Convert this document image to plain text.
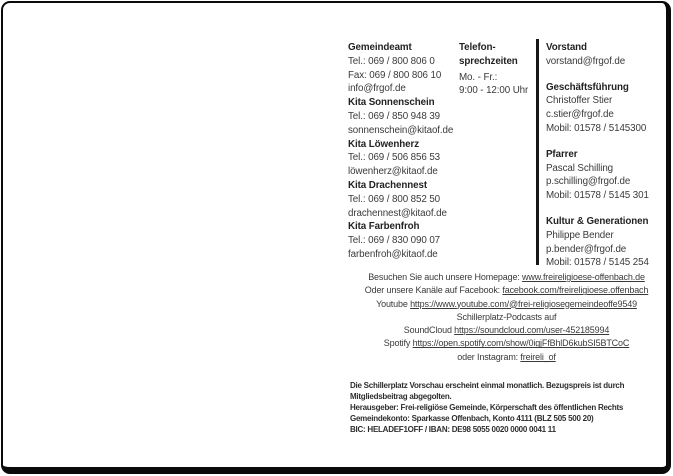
Gemeindeamt
Tel.: 069 / 800 806 0
Fax: 069 / 800 806 10
info@frgof.de
Kita Sonnenschein
Tel.: 069 / 850 948 39
sonnenschein@kitaof.de
Kita Löwenherz
Tel.: 069 / 506 856 53
löwenherz@kitaof.de
Kita Drachennest
Tel.: 069 / 800 852 50
drachennest@kitaof.de
Kita Farbenfroh
Tel.: 069 / 830 090 07
farbenfroh@kitaof.de
Telefon-
sprechzeiten
Mo. - Fr.:
9:00 - 12:00 Uhr
Vorstand
vorstand@frgof.de
Geschäftsführung
Christoffer Stier
c.stier@frgof.de
Mobil: 01578 / 5145300
Pfarrer
Pascal Schilling
p.schilling@frgof.de
Mobil: 01578 / 5145 301
Kultur & Generationen
Philippe Bender
p.bender@frgof.de
Mobil: 01578 / 5145 254
Besuchen Sie auch unsere Homepage: www.freireligioese-offenbach.de
Oder unsere Kanäle auf Facebook: facebook.com/freireligioese.offenbach
Youtube https://www.youtube.com/@frei-religiosegemeindeoffe9549
Schillerplatz-Podcasts auf
SoundCloud https://soundcloud.com/user-452185994
Spotify https://open.spotify.com/show/0igjFfBhlD6kubSI5BTCoC
oder Instagram: freireli_of
Die Schillerplatz Vorschau erscheint einmal monatlich. Bezugspreis ist durch
Mitgliedsbeitrag abgegolten.
Herausgeber: Frei-religiöse Gemeinde, Körperschaft des öffentlichen Rechts
Gemeindekonto: Sparkasse Offenbach, Konto 4111 (BLZ 505 500 20)
BIC: HELADEF1OFF / IBAN: DE98 5055 0020 0000 0041 11
